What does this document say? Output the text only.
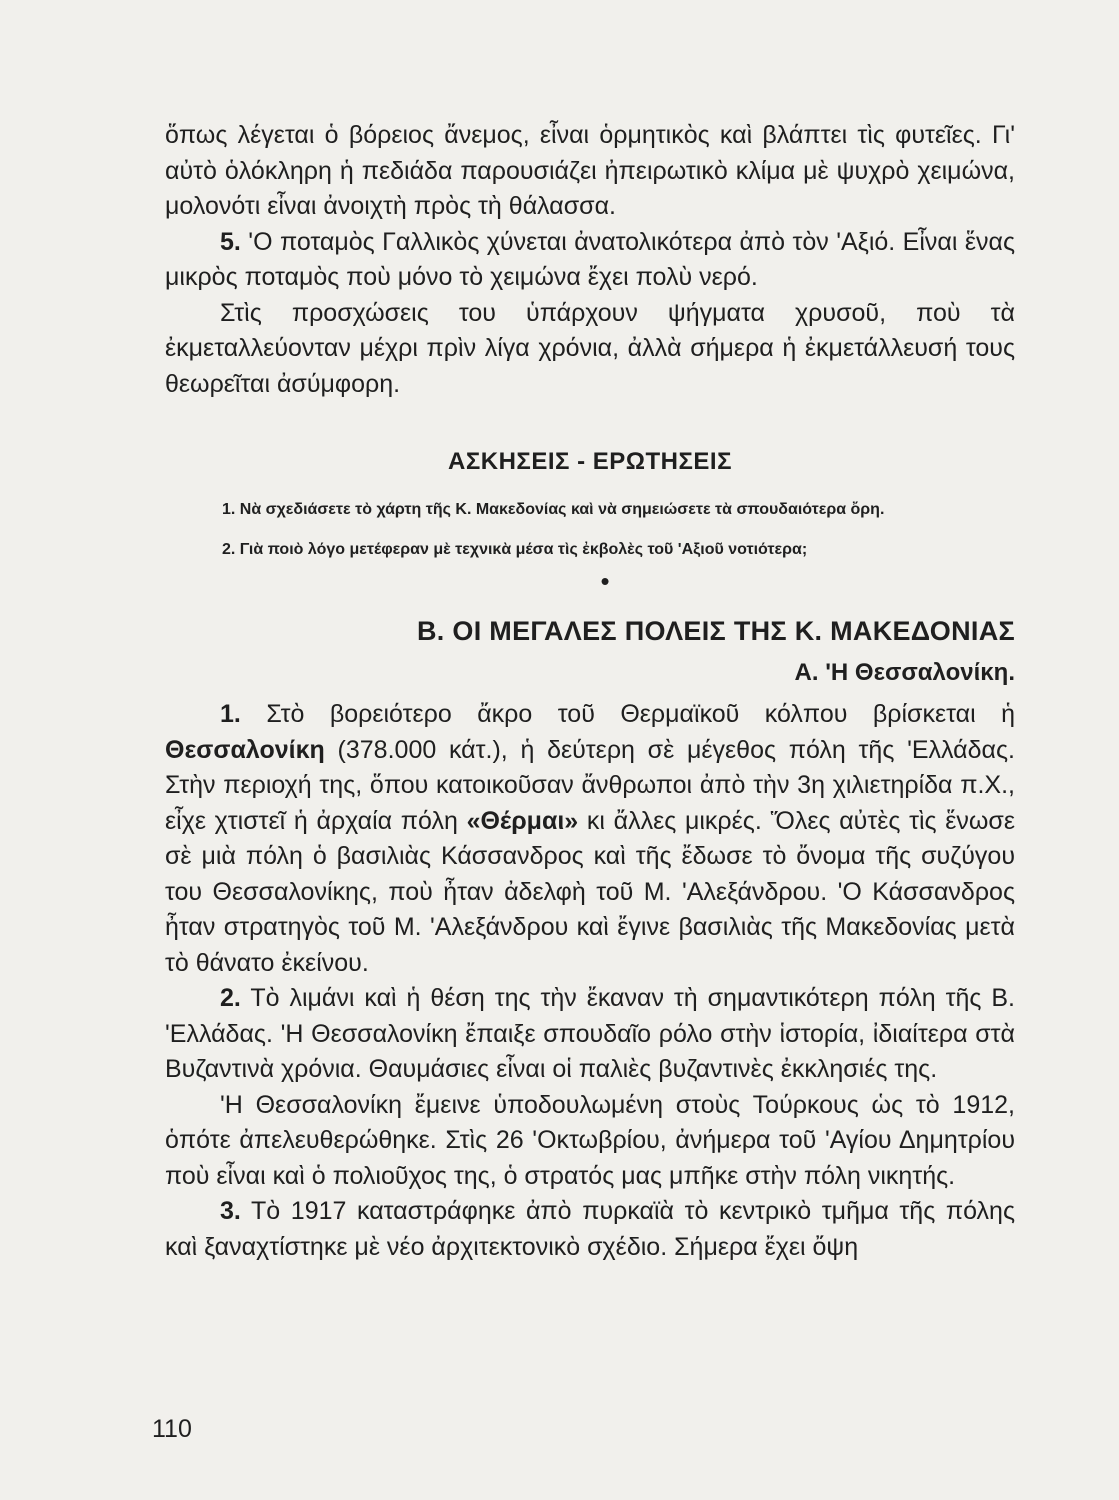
ὅπως λέγεται ὁ βόρειος ἄνεμος, εἶναι ὁρμητικὸς καὶ βλάπτει τὶς φυτεῖες. Γι' αὐτὸ ὁλόκληρη ἡ πεδιάδα παρουσιάζει ἠπειρωτικὸ κλίμα μὲ ψυχρὸ χειμώνα, μολονότι εἶναι ἀνοιχτὴ πρὸς τὴ θάλασσα.

5. 'Ο ποταμὸς Γαλλικὸς χύνεται ἀνατολικότερα ἀπὸ τὸν 'Αξιό. Εἶναι ἕνας μικρὸς ποταμὸς ποὺ μόνο τὸ χειμώνα ἔχει πολὺ νερό.

Στὶς προσχώσεις του ὑπάρχουν ψήγματα χρυσοῦ, ποὺ τὰ ἐκμεταλλεύονταν μέχρι πρὶν λίγα χρόνια, ἀλλὰ σήμερα ἡ ἐκμετάλλευσή τους θεωρεῖται ἀσύμφορη.

ΑΣΚΗΣΕΙΣ - ΕΡΩΤΗΣΕΙΣ

1. Νὰ σχεδιάσετε τὸ χάρτη τῆς Κ. Μακεδονίας καὶ νὰ σημειώσετε τὰ σπουδαιότερα ὄρη.

2. Γιὰ ποιὸ λόγο μετέφεραν μὲ τεχνικὰ μέσα τὶς ἐκβολὲς τοῦ 'Αξιοῦ νοτιότερα;

•
Β. ΟΙ ΜΕΓΑΛΕΣ ΠΟΛΕΙΣ ΤΗΣ Κ. ΜΑΚΕΔΟΝΙΑΣ
Α. 'Η Θεσσαλονίκη.

1. Στὸ βορειότερο ἄκρο τοῦ Θερμαϊκοῦ κόλπου βρίσκεται ἡ Θεσσαλονίκη (378.000 κάτ.), ἡ δεύτερη σὲ μέγεθος πόλη τῆς 'Ελλάδας. Στὴν περιοχή της, ὅπου κατοικοῦσαν ἄνθρωποι ἀπὸ τὴν 3η χιλιετηρίδα π.Χ., εἶχε χτιστεῖ ἡ ἀρχαία πόλη «Θέρμαι» κι ἄλλες μικρές. Ὅλες αὐτὲς τὶς ἕνωσε σὲ μιὰ πόλη ὁ βασιλιὰς Κάσσανδρος καὶ τῆς ἔδωσε τὸ ὄνομα τῆς συζύγου του Θεσσαλονίκης, ποὺ ἦταν ἀδελφὴ τοῦ Μ. 'Αλεξάνδρου. 'Ο Κάσσανδρος ἦταν στρατηγὸς τοῦ Μ. 'Αλεξάνδρου καὶ ἔγινε βασιλιὰς τῆς Μακεδονίας μετὰ τὸ θάνατο ἐκείνου.

2. Τὸ λιμάνι καὶ ἡ θέση της τὴν ἔκαναν τὴ σημαντικότερη πόλη τῆς Β. 'Ελλάδας. 'Η Θεσσαλονίκη ἔπαιξε σπουδαῖο ρόλο στὴν ἱστορία, ἰδιαίτερα στὰ Βυζαντινὰ χρόνια. Θαυμάσιες εἶναι οἱ παλιὲς βυζαντινὲς ἐκκλησιές της.

'Η Θεσσαλονίκη ἔμεινε ὑποδουλωμένη στοὺς Τούρκους ὡς τὸ 1912, ὁπότε ἀπελευθερώθηκε. Στὶς 26 'Οκτωβρίου, ἀνήμερα τοῦ 'Αγίου Δημητρίου ποὺ εἶναι καὶ ὁ πολιοῦχος της, ὁ στρατός μας μπῆκε στὴν πόλη νικητής.

3. Τὸ 1917 καταστράφηκε ἀπὸ πυρκαϊὰ τὸ κεντρικὸ τμῆμα τῆς πόλης καὶ ξαναχτίστηκε μὲ νέο ἀρχιτεκτονικὸ σχέδιο. Σήμερα ἔχει ὄψη

110
